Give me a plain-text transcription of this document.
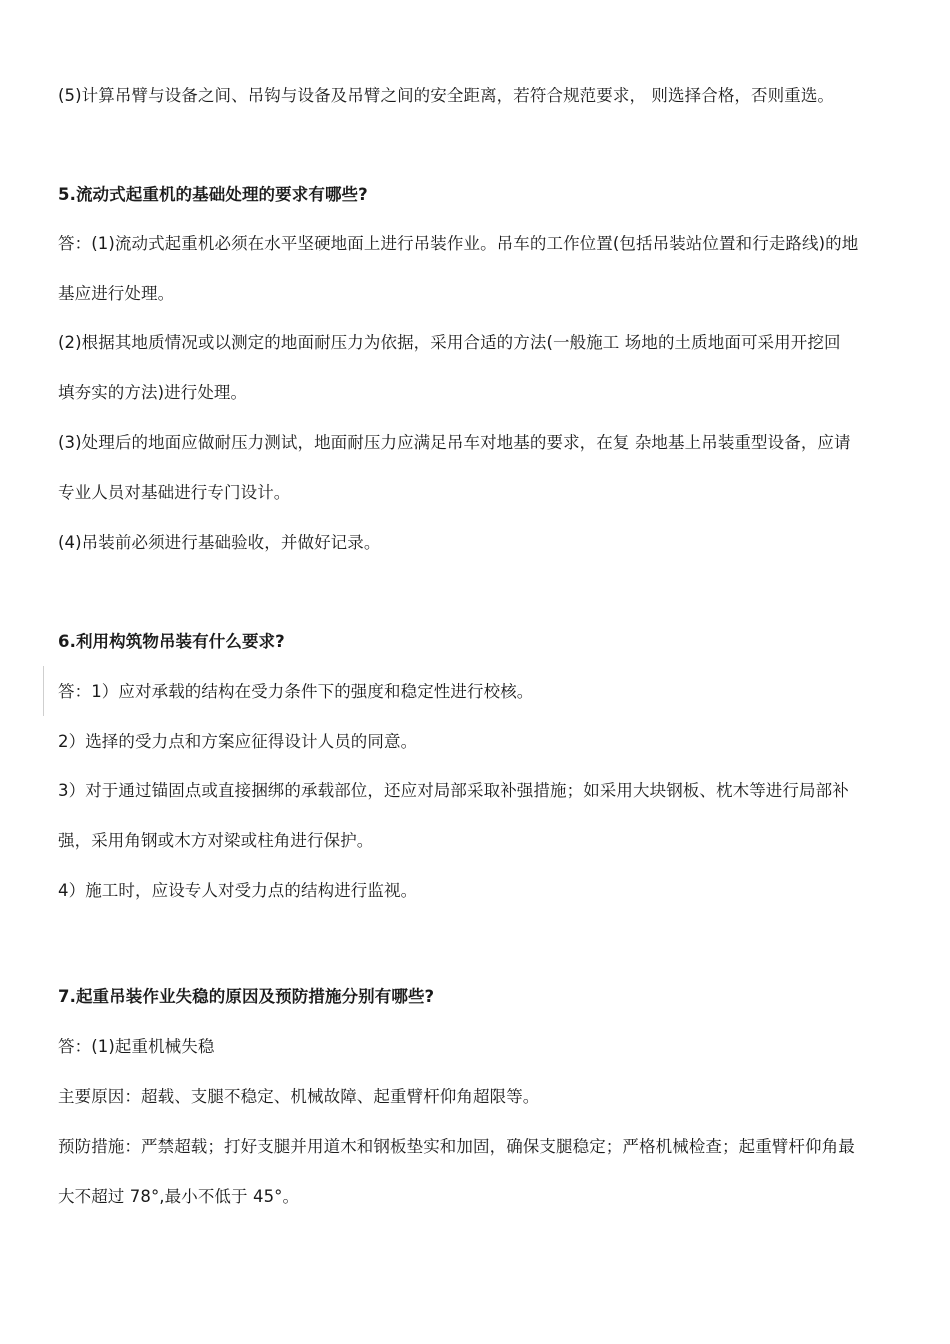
(5)计算吊臂与设备之间、吊钩与设备及吊臂之间的安全距离，若符合规范要求， 则选择合格，否则重选。
5.流动式起重机的基础处理的要求有哪些?
答：(1)流动式起重机必须在水平坚硬地面上进行吊装作业。吊车的工作位置(包括吊装站位置和行走路线)的地
基应进行处理。
(2)根据其地质情况或以测定的地面耐压力为依据，采用合适的方法(一般施工 场地的土质地面可采用开挖回
填夯实的方法)进行处理。
(3)处理后的地面应做耐压力测试，地面耐压力应满足吊车对地基的要求，在复 杂地基上吊装重型设备，应请
专业人员对基础进行专门设计。
(4)吊装前必须进行基础验收，并做好记录。
6.利用构筑物吊装有什么要求?
答：1）应对承载的结构在受力条件下的强度和稳定性进行校核。
2）选择的受力点和方案应征得设计人员的同意。
3）对于通过锚固点或直接捆绑的承载部位，还应对局部采取补强措施；如采用大块钢板、枕木等进行局部补
强，采用角钢或木方对梁或柱角进行保护。
4）施工时，应设专人对受力点的结构进行监视。
7.起重吊装作业失稳的原因及预防措施分别有哪些?
答：(1)起重机械失稳
主要原因：超载、支腿不稳定、机械故障、起重臂杆仰角超限等。
预防措施：严禁超载；打好支腿并用道木和钢板垫实和加固，确保支腿稳定；严格机械检查；起重臂杆仰角最
大不超过 78°,最小不低于 45°。
